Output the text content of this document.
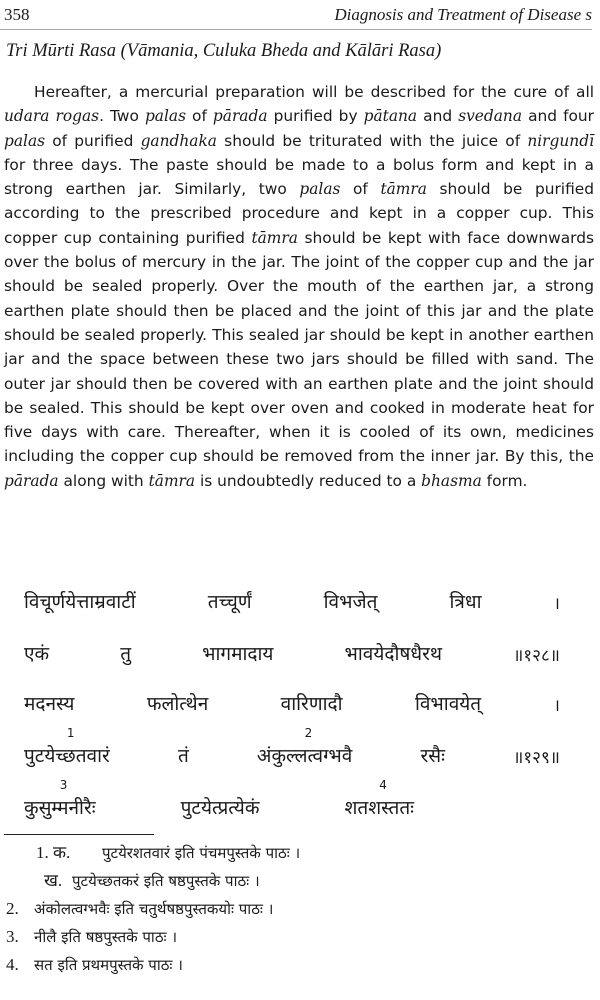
358	Diagnosis and Treatment of Disease s
Tri Mūrti Rasa (Vāmania, Culuka Bheda and Kālāri Rasa)

Hereafter, a mercurial preparation will be described for the cure of all udara rogas. Two palas of pārada purified by pātana and svedana and four palas of purified gandhaka should be triturated with the juice of nirgundī for three days. The paste should be made to a bolus form and kept in a strong earthen jar. Similarly, two palas of tāmra should be purified according to the prescribed procedure and kept in a copper cup. This copper cup containing purified tāmra should be kept with face downwards over the bolus of mercury in the jar. The joint of the copper cup and the jar should be sealed properly. Over the mouth of the earthen jar, a strong earthen plate should then be placed and the joint of this jar and the plate should be sealed properly. This sealed jar should be kept in another earthen jar and the space between these two jars should be filled with sand. The outer jar should then be covered with an earthen plate and the joint should be sealed. This should be kept over oven and cooked in moderate heat for five days with care. Thereafter, when it is cooled of its own, medicines including the copper cup should be removed from the inner jar. By this, the pārada along with tāmra is undoubtedly reduced to a bhasma form.

विचूर्णयेत्ताम्रवाटीं	तच्चूर्णं	विभजेत्	त्रिधा	।
एकं	तु	भागमादाय	भावयेदौषधैरथ	॥१२८॥
मदनस्य	फलोत्थेन	वारिणादौ	विभावयेत्	।
पुटयेच्छतवारं
1
तं	अंकुल्लत्वग्भवै
2
रसैः	॥१२९॥
कुसुम्मनीरैः
3
पुटयेत्प्रत्येकं	शतशस्ततः
4
1. क. पुटयेरशतवारं इति पंचमपुस्तके पाठः ।
ख. पुटयेच्छतकरं इति षष्ठपुस्तके पाठः ।
2. अंकोलत्वग्भवैः इति चतुर्थषष्ठपुस्तकयोः पाठः ।
3. नीलै इति षष्ठपुस्तके पाठः ।
4. सत इति प्रथमपुस्तके पाठः ।
